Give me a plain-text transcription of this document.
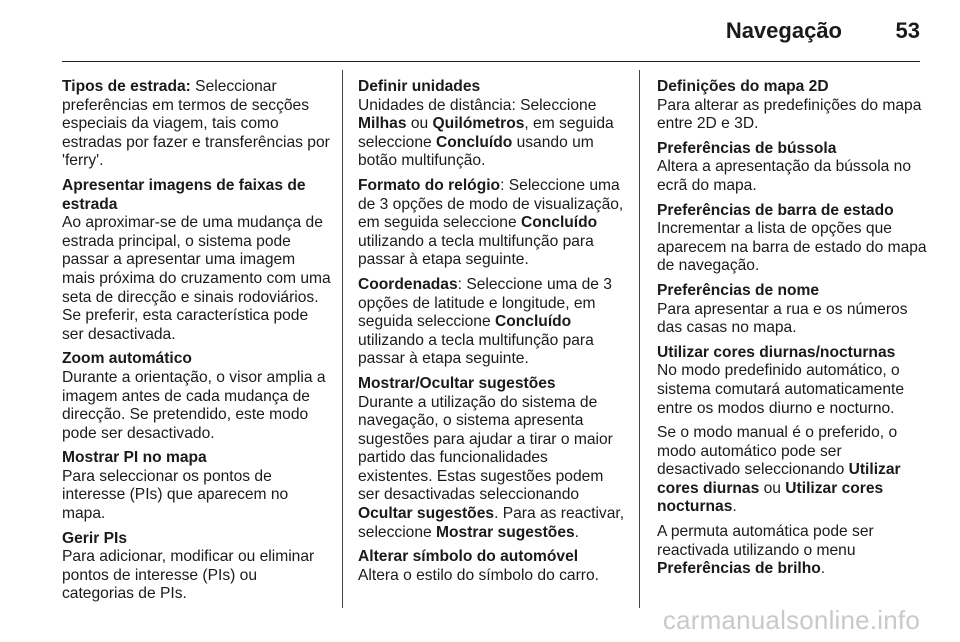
Navegação 53
Tipos de estrada: Seleccionar preferências em termos de secções especiais da viagem, tais como estradas por fazer e transferências por 'ferry'.
Apresentar imagens de faixas de estrada
Ao aproximar-se de uma mudança de estrada principal, o sistema pode passar a apresentar uma imagem mais próxima do cruzamento com uma seta de direcção e sinais rodoviários. Se preferir, esta característica pode ser desactivada.
Zoom automático
Durante a orientação, o visor amplia a imagem antes de cada mudança de direcção. Se pretendido, este modo pode ser desactivado.
Mostrar PI no mapa
Para seleccionar os pontos de interesse (PIs) que aparecem no mapa.
Gerir PIs
Para adicionar, modificar ou eliminar pontos de interesse (PIs) ou categorias de PIs.
Definir unidades
Unidades de distância: Seleccione Milhas ou Quilómetros, em seguida seleccione Concluído usando um botão multifunção.
Formato do relógio: Seleccione uma de 3 opções de modo de visualização, em seguida seleccione Concluído utilizando a tecla multifunção para passar à etapa seguinte.
Coordenadas: Seleccione uma de 3 opções de latitude e longitude, em seguida seleccione Concluído utilizando a tecla multifunção para passar à etapa seguinte.
Mostrar/Ocultar sugestões
Durante a utilização do sistema de navegação, o sistema apresenta sugestões para ajudar a tirar o maior partido das funcionalidades existentes. Estas sugestões podem ser desactivadas seleccionando Ocultar sugestões. Para as reactivar, seleccione Mostrar sugestões.
Alterar símbolo do automóvel
Altera o estilo do símbolo do carro.
Definições do mapa 2D
Para alterar as predefinições do mapa entre 2D e 3D.
Preferências de bússola
Altera a apresentação da bússola no ecrã do mapa.
Preferências de barra de estado
Incrementar a lista de opções que aparecem na barra de estado do mapa de navegação.
Preferências de nome
Para apresentar a rua e os números das casas no mapa.
Utilizar cores diurnas/nocturnas
No modo predefinido automático, o sistema comutará automaticamente entre os modos diurno e nocturno.
Se o modo manual é o preferido, o modo automático pode ser desactivado seleccionando Utilizar cores diurnas ou Utilizar cores nocturnas.
A permuta automática pode ser reactivada utilizando o menu Preferências de brilho.
carmanualsonline.info
